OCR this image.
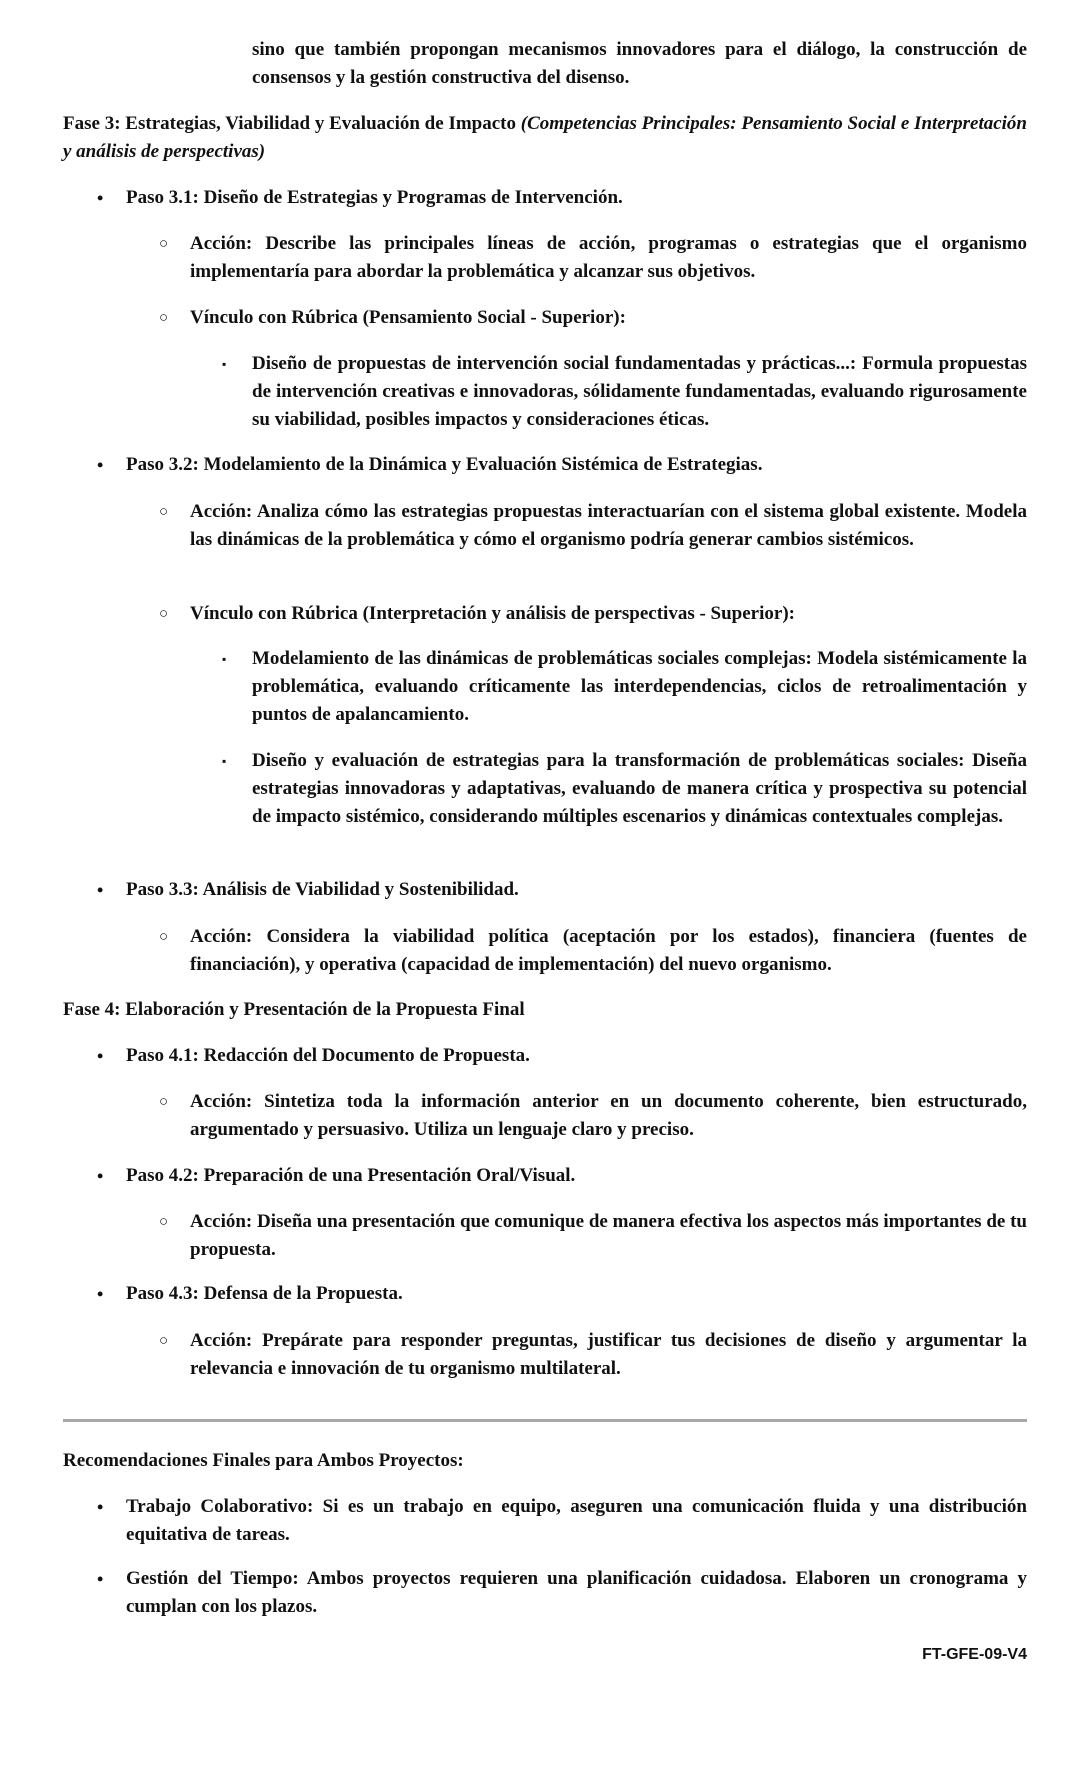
sino que también propongan mecanismos innovadores para el diálogo, la construcción de consensos y la gestión constructiva del disenso.
Fase 3: Estrategias, Viabilidad y Evaluación de Impacto (Competencias Principales: Pensamiento Social e Interpretación y análisis de perspectivas)
• Paso 3.1: Diseño de Estrategias y Programas de Intervención.
○ Acción: Describe las principales líneas de acción, programas o estrategias que el organismo implementaría para abordar la problemática y alcanzar sus objetivos.
○ Vínculo con Rúbrica (Pensamiento Social - Superior):
▪ Diseño de propuestas de intervención social fundamentadas y prácticas...: Formula propuestas de intervención creativas e innovadoras, sólidamente fundamentadas, evaluando rigurosamente su viabilidad, posibles impactos y consideraciones éticas.
• Paso 3.2: Modelamiento de la Dinámica y Evaluación Sistémica de Estrategias.
○ Acción: Analiza cómo las estrategias propuestas interactuarían con el sistema global existente. Modela las dinámicas de la problemática y cómo el organismo podría generar cambios sistémicos.
○ Vínculo con Rúbrica (Interpretación y análisis de perspectivas - Superior):
▪ Modelamiento de las dinámicas de problemáticas sociales complejas: Modela sistémicamente la problemática, evaluando críticamente las interdependencias, ciclos de retroalimentación y puntos de apalancamiento.
▪ Diseño y evaluación de estrategias para la transformación de problemáticas sociales: Diseña estrategias innovadoras y adaptativas, evaluando de manera crítica y prospectiva su potencial de impacto sistémico, considerando múltiples escenarios y dinámicas contextuales complejas.
• Paso 3.3: Análisis de Viabilidad y Sostenibilidad.
○ Acción: Considera la viabilidad política (aceptación por los estados), financiera (fuentes de financiación), y operativa (capacidad de implementación) del nuevo organismo.
Fase 4: Elaboración y Presentación de la Propuesta Final
• Paso 4.1: Redacción del Documento de Propuesta.
○ Acción: Sintetiza toda la información anterior en un documento coherente, bien estructurado, argumentado y persuasivo. Utiliza un lenguaje claro y preciso.
• Paso 4.2: Preparación de una Presentación Oral/Visual.
○ Acción: Diseña una presentación que comunique de manera efectiva los aspectos más importantes de tu propuesta.
• Paso 4.3: Defensa de la Propuesta.
○ Acción: Prepárate para responder preguntas, justificar tus decisiones de diseño y argumentar la relevancia e innovación de tu organismo multilateral.
Recomendaciones Finales para Ambos Proyectos:
• Trabajo Colaborativo: Si es un trabajo en equipo, aseguren una comunicación fluida y una distribución equitativa de tareas.
• Gestión del Tiempo: Ambos proyectos requieren una planificación cuidadosa. Elaboren un cronograma y cumplan con los plazos.
FT-GFE-09-V4
